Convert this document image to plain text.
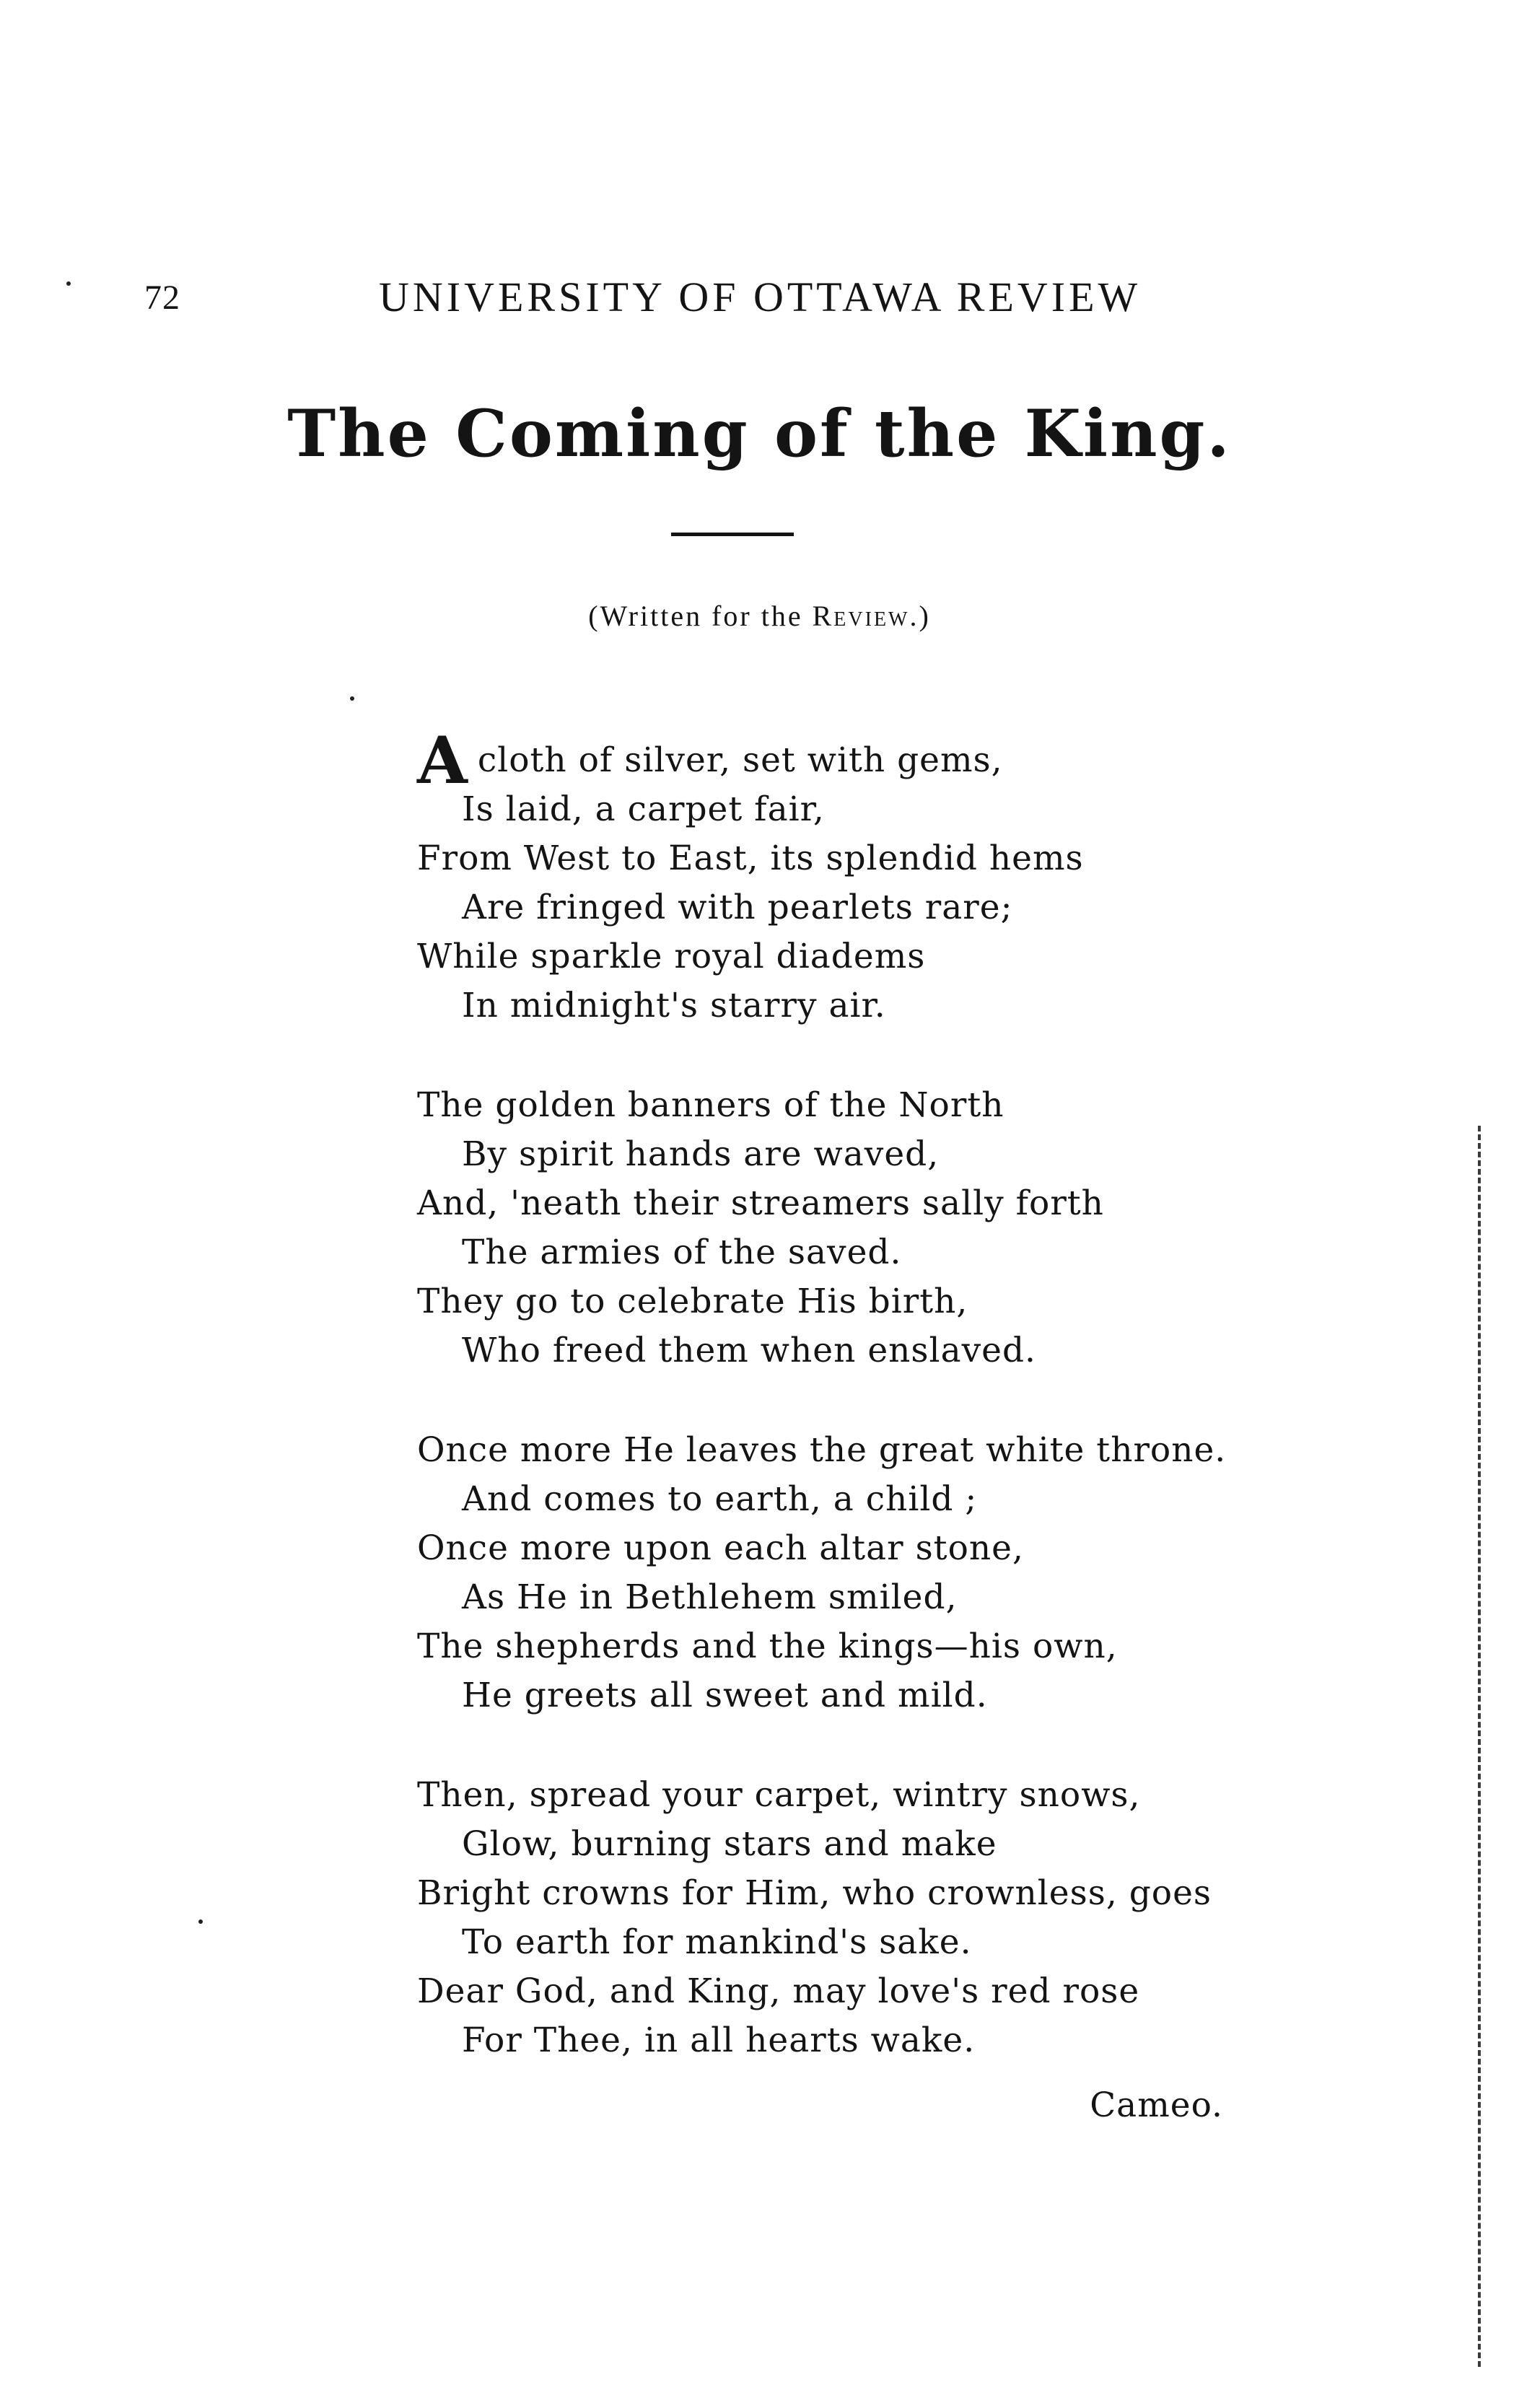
72	UNIVERSITY OF OTTAWA REVIEW
The Coming of the King.
(Written for the Review.)
Acloth of silver, set with gems,
Is laid, a carpet fair,
From West to East, its splendid hems
Are fringed with pearlets rare;
While sparkle royal diadems
In midnight's starry air.
The golden banners of the North
By spirit hands are waved,
And, 'neath their streamers sally forth
The armies of the saved.
They go to celebrate His birth,
Who freed them when enslaved.
Once more He leaves the great white throne.
And comes to earth, a child ;
Once more upon each altar stone,
As He in Bethlehem smiled,
The shepherds and the kings—his own,
He greets all sweet and mild.
Then, spread your carpet, wintry snows,
Glow, burning stars and make
Bright crowns for Him, who crownless, goes
To earth for mankind's sake.
Dear God, and King, may love's red rose
For Thee, in all hearts wake.
Cameo.
